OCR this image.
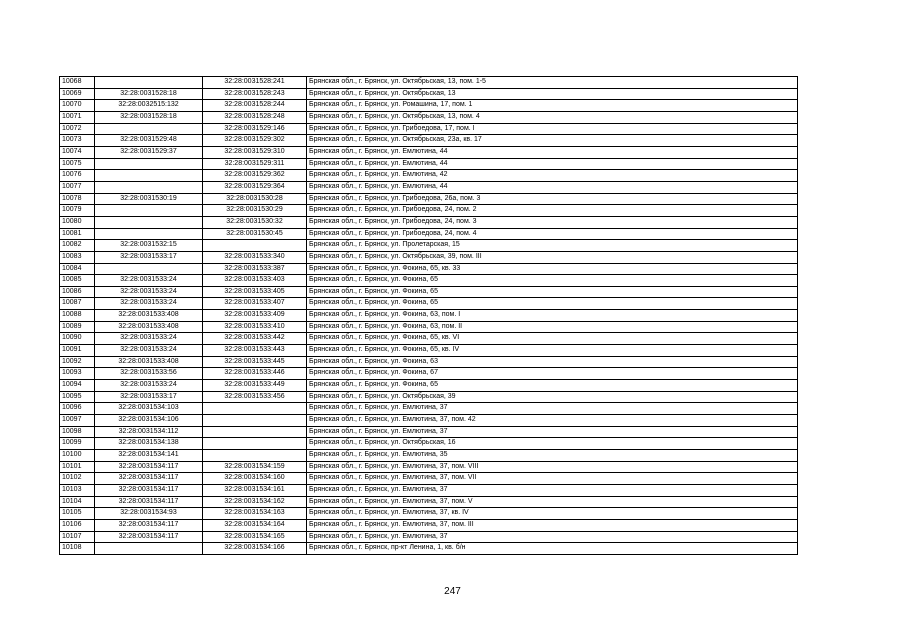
10068		32:28:0031528:241	Брянская обл., г. Брянск, ул. Октябрьская, 13, пом. 1-5
10069	32:28:0031528:18	32:28:0031528:243	Брянская обл., г. Брянск, ул. Октябрьская, 13
10070	32:28:0032515:132	32:28:0031528:244	Брянская обл., г. Брянск, ул. Ромашина, 17, пом. 1
10071	32:28:0031528:18	32:28:0031528:248	Брянская обл., г. Брянск, ул. Октябрьская, 13, пом. 4
10072		32:28:0031529:146	Брянская обл., г. Брянск, ул. Грибоедова, 17, пом. I
10073	32:28:0031529:48	32:28:0031529:302	Брянская обл., г. Брянск, ул. Октябрьская, 23а, кв. 17
10074	32:28:0031529:37	32:28:0031529:310	Брянская обл., г. Брянск, ул. Емлютина, 44
10075		32:28:0031529:311	Брянская обл., г. Брянск, ул. Емлютина, 44
10076		32:28:0031529:362	Брянская обл., г. Брянск, ул. Емлютина, 42
10077		32:28:0031529:364	Брянская обл., г. Брянск, ул. Емлютина, 44
10078	32:28:0031530:19	32:28:0031530:28	Брянская обл., г. Брянск, ул. Грибоедова, 26а, пом. 3
10079		32:28:0031530:29	Брянская обл., г. Брянск, ул. Грибоедова, 24, пом. 2
10080		32:28:0031530:32	Брянская обл., г. Брянск, ул. Грибоедова, 24, пом. 3
10081		32:28:0031530:45	Брянская обл., г. Брянск, ул. Грибоедова, 24, пом. 4
10082	32:28:0031532:15		Брянская обл., г. Брянск, ул. Пролетарская, 15
10083	32:28:0031533:17	32:28:0031533:340	Брянская обл., г. Брянск, ул. Октябрьская, 39, пом. III
10084		32:28:0031533:387	Брянская обл., г. Брянск, ул. Фокина, 65, кв. 33
10085	32:28:0031533:24	32:28:0031533:403	Брянская обл., г. Брянск, ул. Фокина, 65
10086	32:28:0031533:24	32:28:0031533:405	Брянская обл., г. Брянск, ул. Фокина, 65
10087	32:28:0031533:24	32:28:0031533:407	Брянская обл., г. Брянск, ул. Фокина, 65
10088	32:28:0031533:408	32:28:0031533:409	Брянская обл., г. Брянск, ул. Фокина, 63, пом. I
10089	32:28:0031533:408	32:28:0031533:410	Брянская обл., г. Брянск, ул. Фокина, 63, пом. II
10090	32:28:0031533:24	32:28:0031533:442	Брянская обл., г. Брянск, ул. Фокина, 65, кв. VI
10091	32:28:0031533:24	32:28:0031533:443	Брянская обл., г. Брянск, ул. Фокина, 65, кв. IV
10092	32:28:0031533:408	32:28:0031533:445	Брянская обл., г. Брянск, ул. Фокина, 63
10093	32:28:0031533:56	32:28:0031533:446	Брянская обл., г. Брянск, ул. Фокина, 67
10094	32:28:0031533:24	32:28:0031533:449	Брянская обл., г. Брянск, ул. Фокина, 65
10095	32:28:0031533:17	32:28:0031533:456	Брянская обл., г. Брянск, ул. Октябрьская, 39
10096	32:28:0031534:103		Брянская обл., г. Брянск, ул. Емлютина, 37
10097	32:28:0031534:106		Брянская обл., г. Брянск, ул. Емлютина, 37, пом. 42
10098	32:28:0031534:112		Брянская обл., г. Брянск, ул. Емлютина, 37
10099	32:28:0031534:138		Брянская обл., г. Брянск, ул. Октябрьская, 16
10100	32:28:0031534:141		Брянская обл., г. Брянск, ул. Емлютина, 35
10101	32:28:0031534:117	32:28:0031534:159	Брянская обл., г. Брянск, ул. Емлютина, 37, пом. VIII
10102	32:28:0031534:117	32:28:0031534:160	Брянская обл., г. Брянск, ул. Емлютина, 37, пом. VII
10103	32:28:0031534:117	32:28:0031534:161	Брянская обл., г. Брянск, ул. Емлютина, 37
10104	32:28:0031534:117	32:28:0031534:162	Брянская обл., г. Брянск, ул. Емлютина, 37, пом. V
10105	32:28:0031534:93	32:28:0031534:163	Брянская обл., г. Брянск, ул. Емлютина, 37, кв. IV
10106	32:28:0031534:117	32:28:0031534:164	Брянская обл., г. Брянск, ул. Емлютина, 37, пом. III
10107	32:28:0031534:117	32:28:0031534:165	Брянская обл., г. Брянск, ул. Емлютина, 37
10108		32:28:0031534:166	Брянская обл., г. Брянск, пр-кт Ленина, 1, кв. б/н
247
